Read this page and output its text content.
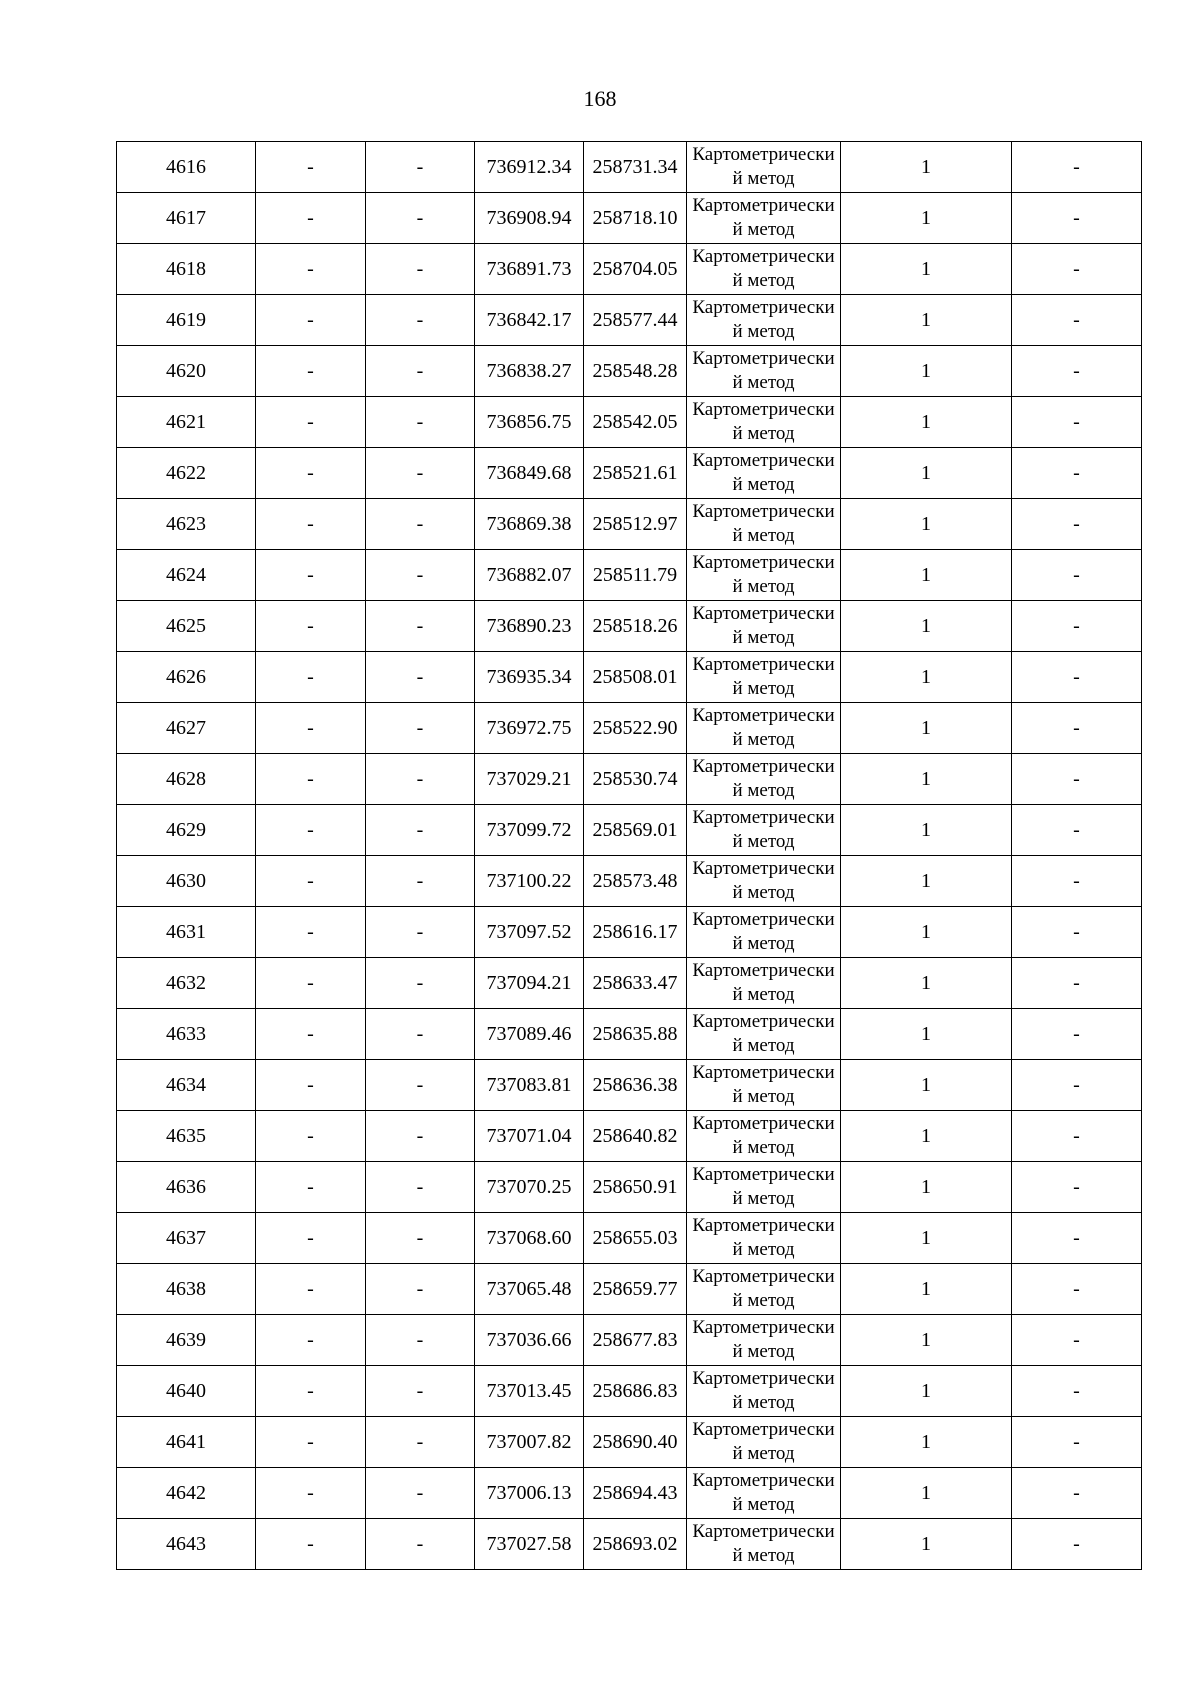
168
4616	-	-	736912.34	258731.34	Картометрический метод	1	-
4617	-	-	736908.94	258718.10	Картометрический метод	1	-
4618	-	-	736891.73	258704.05	Картометрический метод	1	-
4619	-	-	736842.17	258577.44	Картометрический метод	1	-
4620	-	-	736838.27	258548.28	Картометрический метод	1	-
4621	-	-	736856.75	258542.05	Картометрический метод	1	-
4622	-	-	736849.68	258521.61	Картометрический метод	1	-
4623	-	-	736869.38	258512.97	Картометрический метод	1	-
4624	-	-	736882.07	258511.79	Картометрический метод	1	-
4625	-	-	736890.23	258518.26	Картометрический метод	1	-
4626	-	-	736935.34	258508.01	Картометрический метод	1	-
4627	-	-	736972.75	258522.90	Картометрический метод	1	-
4628	-	-	737029.21	258530.74	Картометрический метод	1	-
4629	-	-	737099.72	258569.01	Картометрический метод	1	-
4630	-	-	737100.22	258573.48	Картометрический метод	1	-
4631	-	-	737097.52	258616.17	Картометрический метод	1	-
4632	-	-	737094.21	258633.47	Картометрический метод	1	-
4633	-	-	737089.46	258635.88	Картометрический метод	1	-
4634	-	-	737083.81	258636.38	Картометрический метод	1	-
4635	-	-	737071.04	258640.82	Картометрический метод	1	-
4636	-	-	737070.25	258650.91	Картометрический метод	1	-
4637	-	-	737068.60	258655.03	Картометрический метод	1	-
4638	-	-	737065.48	258659.77	Картометрический метод	1	-
4639	-	-	737036.66	258677.83	Картометрический метод	1	-
4640	-	-	737013.45	258686.83	Картометрический метод	1	-
4641	-	-	737007.82	258690.40	Картометрический метод	1	-
4642	-	-	737006.13	258694.43	Картометрический метод	1	-
4643	-	-	737027.58	258693.02	Картометрический метод	1	-
